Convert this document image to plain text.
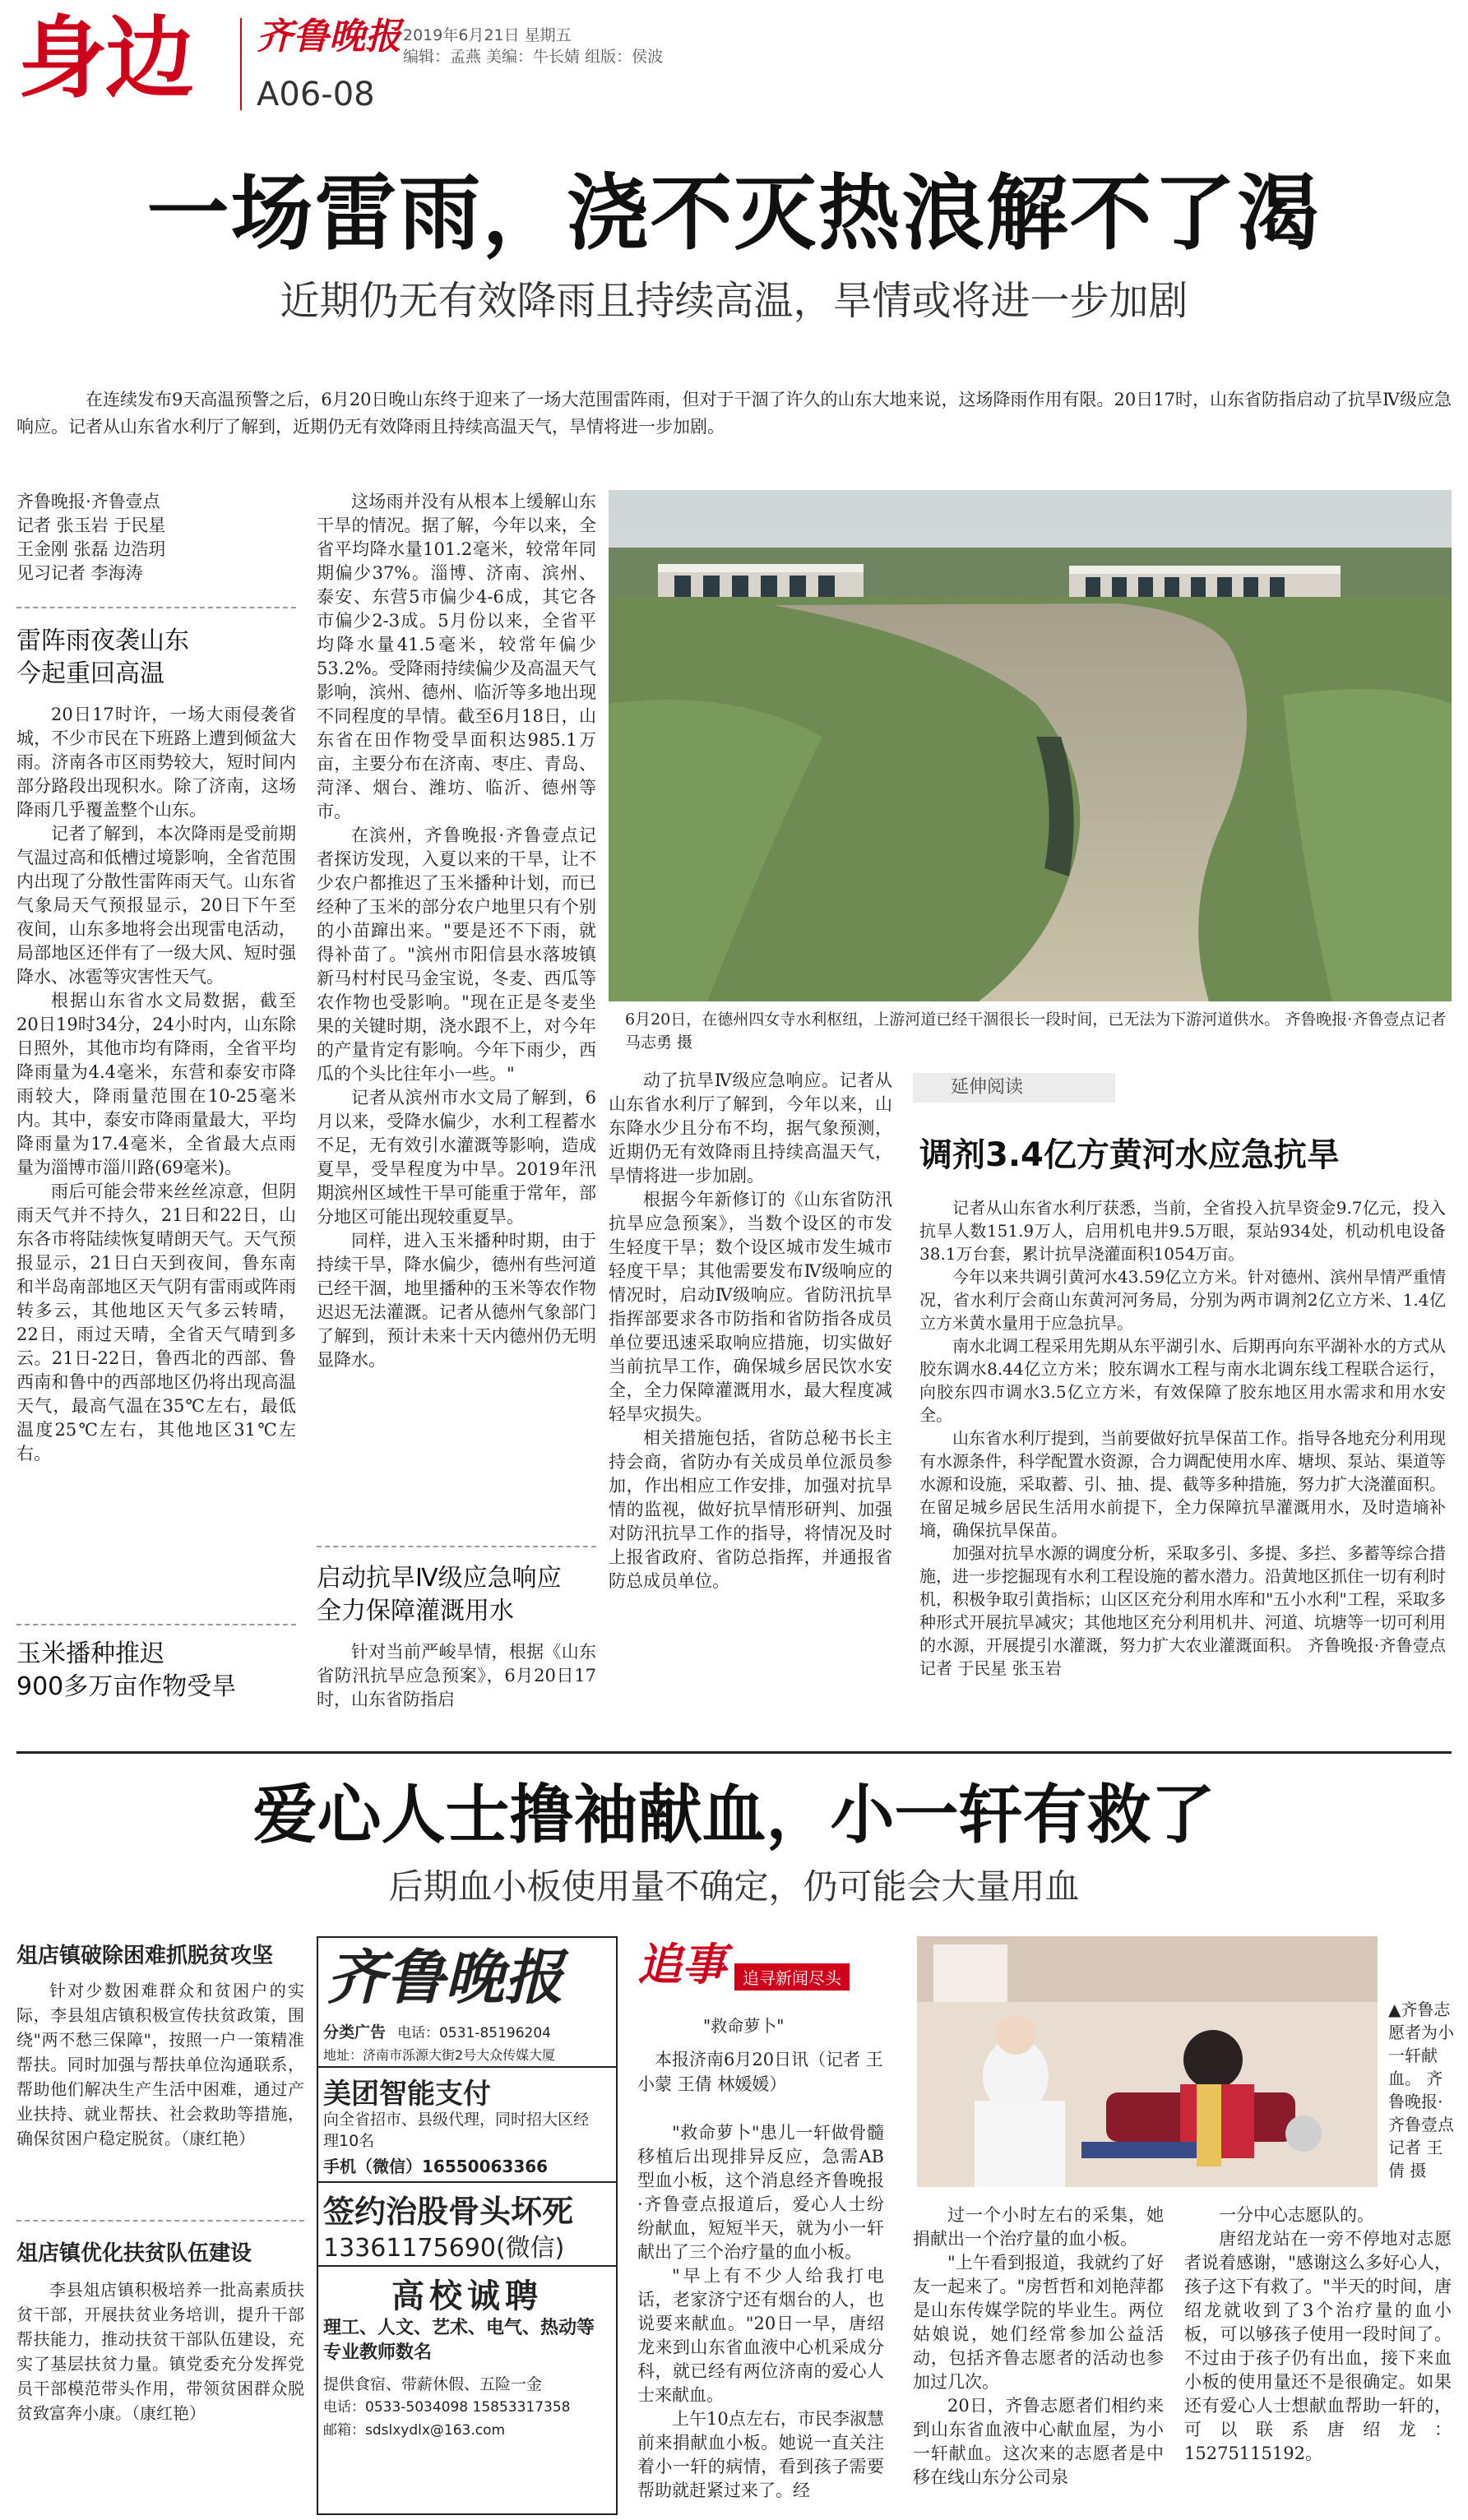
身边 齐鲁晚报 2019年6月21日 星期五
编辑：孟燕 美编：牛长婧 组版：侯波
A06-08
一场雷雨，浇不灭热浪解不了渴
近期仍无有效降雨且持续高温，旱情或将进一步加剧
在连续发布9天高温预警之后，6月20日晚山东终于迎来了一场大范围雷阵雨，但对于干涸了许久的山东大地来说，这场降雨作用有限。20日17时，山东省防指启动了抗旱Ⅳ级应急响应。记者从山东省水利厅了解到，近期仍无有效降雨且持续高温天气，旱情将进一步加剧。
齐鲁晚报·齐鲁壹点
记者 张玉岩 于民星
王金刚 张磊 边浩玥
见习记者 李海涛
雷阵雨夜袭山东
今起重回高温

20日17时许，一场大雨侵袭省城，不少市民在下班路上遭到倾盆大雨。济南各市区雨势较大，短时间内部分路段出现积水。除了济南，这场降雨几乎覆盖整个山东。

记者了解到，本次降雨是受前期气温过高和低槽过境影响，全省范围内出现了分散性雷阵雨天气。山东省气象局天气预报显示，20日下午至夜间，山东多地将会出现雷电活动，局部地区还伴有了一级大风、短时强降水、冰雹等灾害性天气。

根据山东省水文局数据，截至20日19时34分，24小时内，山东除日照外，其他市均有降雨，全省平均降雨量为4.4毫米，东营和泰安市降雨较大，降雨量范围在10-25毫米内。其中，泰安市降雨量最大，平均降雨量为17.4毫米，全省最大点雨量为淄博市淄川路(69毫米)。

雨后可能会带来丝丝凉意，但阴雨天气并不持久，21日和22日，山东各市将陆续恢复晴朗天气。天气预报显示，21日白天到夜间，鲁东南和半岛南部地区天气阴有雷雨或阵雨转多云，其他地区天气多云转晴，22日，雨过天晴，全省天气晴到多云。21日-22日，鲁西北的西部、鲁西南和鲁中的西部地区仍将出现高温天气，最高气温在35℃左右，最低温度25℃左右，其他地区31℃左右。

玉米播种推迟
900多万亩作物受旱

这场雨并没有从根本上缓解山东干旱的情况。据了解，今年以来，全省平均降水量101.2毫米，较常年同期偏少37%。淄博、济南、滨州、泰安、东营5市偏少4-6成，其它各市偏少2-3成。5月份以来，全省平均降水量41.5毫米，较常年偏少53.2%。受降雨持续偏少及高温天气影响，滨州、德州、临沂等多地出现不同程度的旱情。截至6月18日，山东省在田作物受旱面积达985.1万亩，主要分布在济南、枣庄、青岛、菏泽、烟台、潍坊、临沂、德州等市。

在滨州，齐鲁晚报·齐鲁壹点记者探访发现，入夏以来的干旱，让不少农户都推迟了玉米播种计划，而已经种了玉米的部分农户地里只有个别的小苗蹿出来。"要是还不下雨，就得补苗了。"滨州市阳信县水落坡镇新马村村民马金宝说，冬麦、西瓜等农作物也受影响。"现在正是冬麦坐果的关键时期，浇水跟不上，对今年的产量肯定有影响。今年下雨少，西瓜的个头比往年小一些。"

记者从滨州市水文局了解到，6月以来，受降水偏少，水利工程蓄水不足，无有效引水灌溉等影响，造成夏旱，受旱程度为中旱。2019年汛期滨州区域性干旱可能重于常年，部分地区可能出现较重夏旱。

同样，进入玉米播种时期，由于持续干旱，降水偏少，德州有些河道已经干涸，地里播种的玉米等农作物迟迟无法灌溉。记者从德州气象部门了解到，预计未来十天内德州仍无明显降水。

启动抗旱Ⅳ级应急响应
全力保障灌溉用水

针对当前严峻旱情，根据《山东省防汛抗旱应急预案》，6月20日17时，山东省防指启

6月20日，在德州四女寺水利枢纽，上游河道已经干涸很长一段时间，已无法为下游河道供水。 齐鲁晚报·齐鲁壹点记者 马志勇 摄

动了抗旱Ⅳ级应急响应。记者从山东省水利厅了解到，今年以来，山东降水少且分布不均，据气象预测，近期仍无有效降雨且持续高温天气，旱情将进一步加剧。

根据今年新修订的《山东省防汛抗旱应急预案》，当数个设区的市发生轻度干旱；数个设区城市发生城市轻度干旱；其他需要发布Ⅳ级响应的情况时，启动Ⅳ级响应。省防汛抗旱指挥部要求各市防指和省防指各成员单位要迅速采取响应措施，切实做好当前抗旱工作，确保城乡居民饮水安全，全力保障灌溉用水，最大程度减轻旱灾损失。

相关措施包括，省防总秘书长主持会商，省防办有关成员单位派员参加，作出相应工作安排，加强对抗旱情的监视，做好抗旱情形研判、加强对防汛抗旱工作的指导，将情况及时上报省政府、省防总指挥，并通报省防总成员单位。

延伸阅读
调剂3.4亿方黄河水应急抗旱

记者从山东省水利厅获悉，当前，全省投入抗旱资金9.7亿元，投入抗旱人数151.9万人，启用机电井9.5万眼，泵站934处，机动机电设备38.1万台套，累计抗旱浇灌面积1054万亩。

今年以来共调引黄河水43.59亿立方米。针对德州、滨州旱情严重情况，省水利厅会商山东黄河河务局，分别为两市调剂2亿立方米、1.4亿立方米黄水量用于应急抗旱。

南水北调工程采用先期从东平湖引水、后期再向东平湖补水的方式从胶东调水8.44亿立方米；胶东调水工程与南水北调东线工程联合运行，向胶东四市调水3.5亿立方米，有效保障了胶东地区用水需求和用水安全。

山东省水利厅提到，当前要做好抗旱保苗工作。指导各地充分利用现有水源条件，科学配置水资源，合力调配使用水库、塘坝、泵站、渠道等水源和设施，采取蓄、引、抽、提、截等多种措施，努力扩大浇灌面积。在留足城乡居民生活用水前提下，全力保障抗旱灌溉用水，及时造墒补墒，确保抗旱保苗。

加强对抗旱水源的调度分析，采取多引、多提、多拦、多蓄等综合措施，进一步挖掘现有水利工程设施的蓄水潜力。沿黄地区抓住一切有利时机，积极争取引黄指标；山区区充分利用水库和"五小水利"工程，采取多种形式开展抗旱减灾；其他地区充分利用机井、河道、坑塘等一切可利用的水源，开展提引水灌溉，努力扩大农业灌溉面积。 齐鲁晚报·齐鲁壹点记者 于民星 张玉岩

爱心人士撸袖献血，小一轩有救了
后期血小板使用量不确定，仍可能会大量用血
俎店镇破除困难抓脱贫攻坚
针对少数困难群众和贫困户的实际，李县俎店镇积极宣传扶贫政策，围绕"两不愁三保障"，按照一户一策精准帮扶。同时加强与帮扶单位沟通联系，帮助他们解决生产生活中困难，通过产业扶持、就业帮扶、社会救助等措施，确保贫困户稳定脱贫。（康红艳）
俎店镇优化扶贫队伍建设
李县俎店镇积极培养一批高素质扶贫干部，开展扶贫业务培训，提升干部帮扶能力，推动扶贫干部队伍建设，充实了基层扶贫力量。镇党委充分发挥党员干部模范带头作用，带领贫困群众脱贫致富奔小康。（康红艳）
齐鲁晚报
分类广告 电话：0531-85196204
地址：济南市泺源大街2号大众传媒大厦
美团智能支付
向全省招市、县级代理，同时招大区经理10名
手机（微信）16550063366
签约治股骨头坏死
13361175690(微信)
高校诚聘
理工、人文、艺术、电气、热动等专业教师数名
提供食宿、带薪休假、五险一金
电话：0533-5034098 15853317358
邮箱：sdslxydlx@163.com
追事	追寻新闻尽头
"救命萝卜"
本报济南6月20日讯（记者 王小蒙 王倩 林媛媛）

"救命萝卜"患儿一轩做骨髓移植后出现排异反应，急需AB型血小板，这个消息经齐鲁晚报·齐鲁壹点报道后，爱心人士纷纷献血，短短半天，就为小一轩献出了三个治疗量的血小板。

"早上有不少人给我打电话，老家济宁还有烟台的人，也说要来献血。"20日一早，唐绍龙来到山东省血液中心机采成分科，就已经有两位济南的爱心人士来献血。

上午10点左右，市民李淑慧前来捐献血小板。她说一直关注着小一轩的病情，看到孩子需要帮助就赶紧过来了。经

▲齐鲁志愿者为小一轩献血。 齐鲁晚报·齐鲁壹点记者 王倩 摄

过一个小时左右的采集，她捐献出一个治疗量的血小板。

"上午看到报道，我就约了好友一起来了。"房哲哲和刘艳萍都是山东传媒学院的毕业生。两位姑娘说，她们经常参加公益活动，包括齐鲁志愿者的活动也参加过几次。

20日，齐鲁志愿者们相约来到山东省血液中心献血屋，为小一轩献血。这次来的志愿者是中移在线山东分公司泉

一分中心志愿队的。

唐绍龙站在一旁不停地对志愿者说着感谢，"感谢这么多好心人，孩子这下有救了。"半天的时间，唐绍龙就收到了3个治疗量的血小板，可以够孩子使用一段时间了。不过由于孩子仍有出血，接下来血小板的使用量还不是很确定。如果还有爱心人士想献血帮助一轩的，可以联系唐绍龙：15275115192。
